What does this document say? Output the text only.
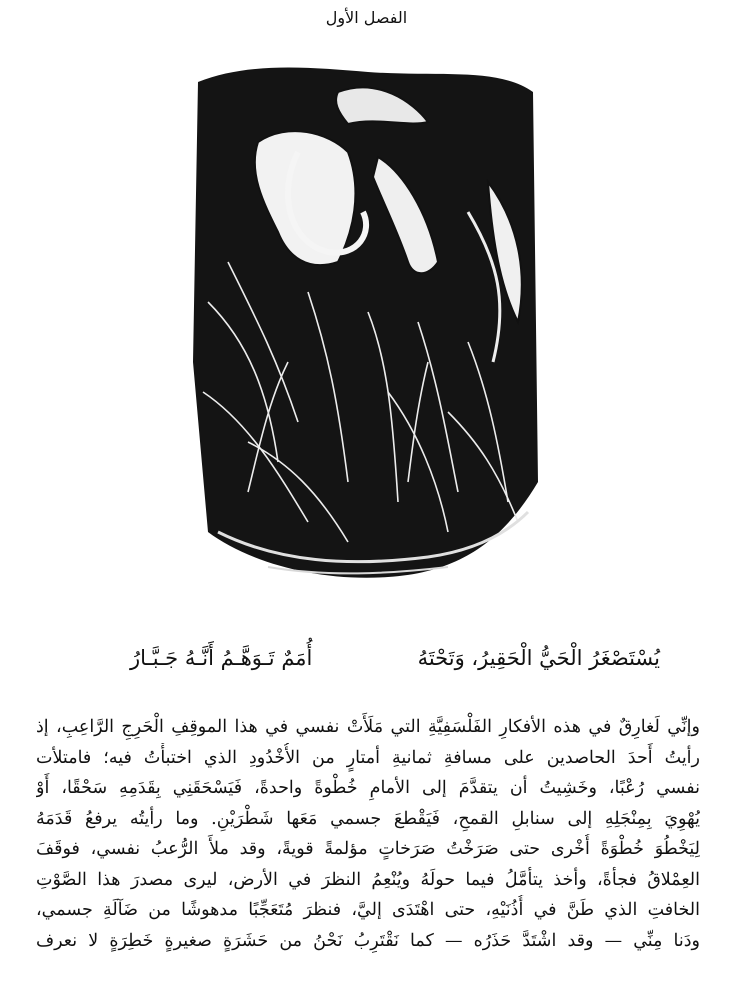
الفصل الأول
يُسْتَصْغَرُ الْحَيُّ الْحَقِيرُ، وَتَحْتَهُ
أُمَمٌ تَـوَهَّـمُ أَنَّـهُ جَـبَّـارُ
وإنِّي لَغارِقٌ في هذه الأفكارِ الفَلْسَفِيَّةِ التي مَلَأَتْ نفسي في هذا الموقِفِ الْحَرِجِ الرَّاعِبِ، إذ
رأيتُ أَحدَ الحاصدين على مسافةِ ثمانيةِ أمتارٍ من الأُخْدُودِ الذي اختبأْتُ فيه؛ فامتلأت
نفسي رُعْبًا، وخَشِيتُ أن يتقدَّمَ إلى الأمامِ خُطْوةً واحدةً، فَيَسْحَقَنِي بِقَدَمِهِ سَحْقًا، أَوْ
يُهْوِيَ بِمِنْجَلِهِ إلى سنابلِ القمحِ، فَيَقْطعَ جسمي مَعَها شَطْرَيْنِ. وما رأيتُه يرفعُ قَدَمَهُ
لِيَخْطُوَ خُطْوَةً أُخْرى حتى صَرَخْتُ صَرَخاتٍ مؤلمةً قويةً، وقد ملأَ الرُّعبُ نفسي، فوقَفَ
العِمْلاقُ فجأةً، وأخذ يتأمَّلُ فيما حولَهُ ويُنْعِمُ النظرَ في الأرض، ليرى مصدرَ هذا الصَّوْتِ
الخافتِ الذي طَنَّ في أُذُنَيْهِ، حتى اهْتَدَى إليَّ، فنظرَ مُتَعَجِّبًا مدهوشًا من ضَآلَةِ جسمي،
ودَنا مِنِّي — وقد اشْتَدَّ حَذَرُه — كما نَقْتَرِبُ نَحْنُ من حَشَرَةٍ صغيرةٍ خَطِرَةٍ لا نعرف
